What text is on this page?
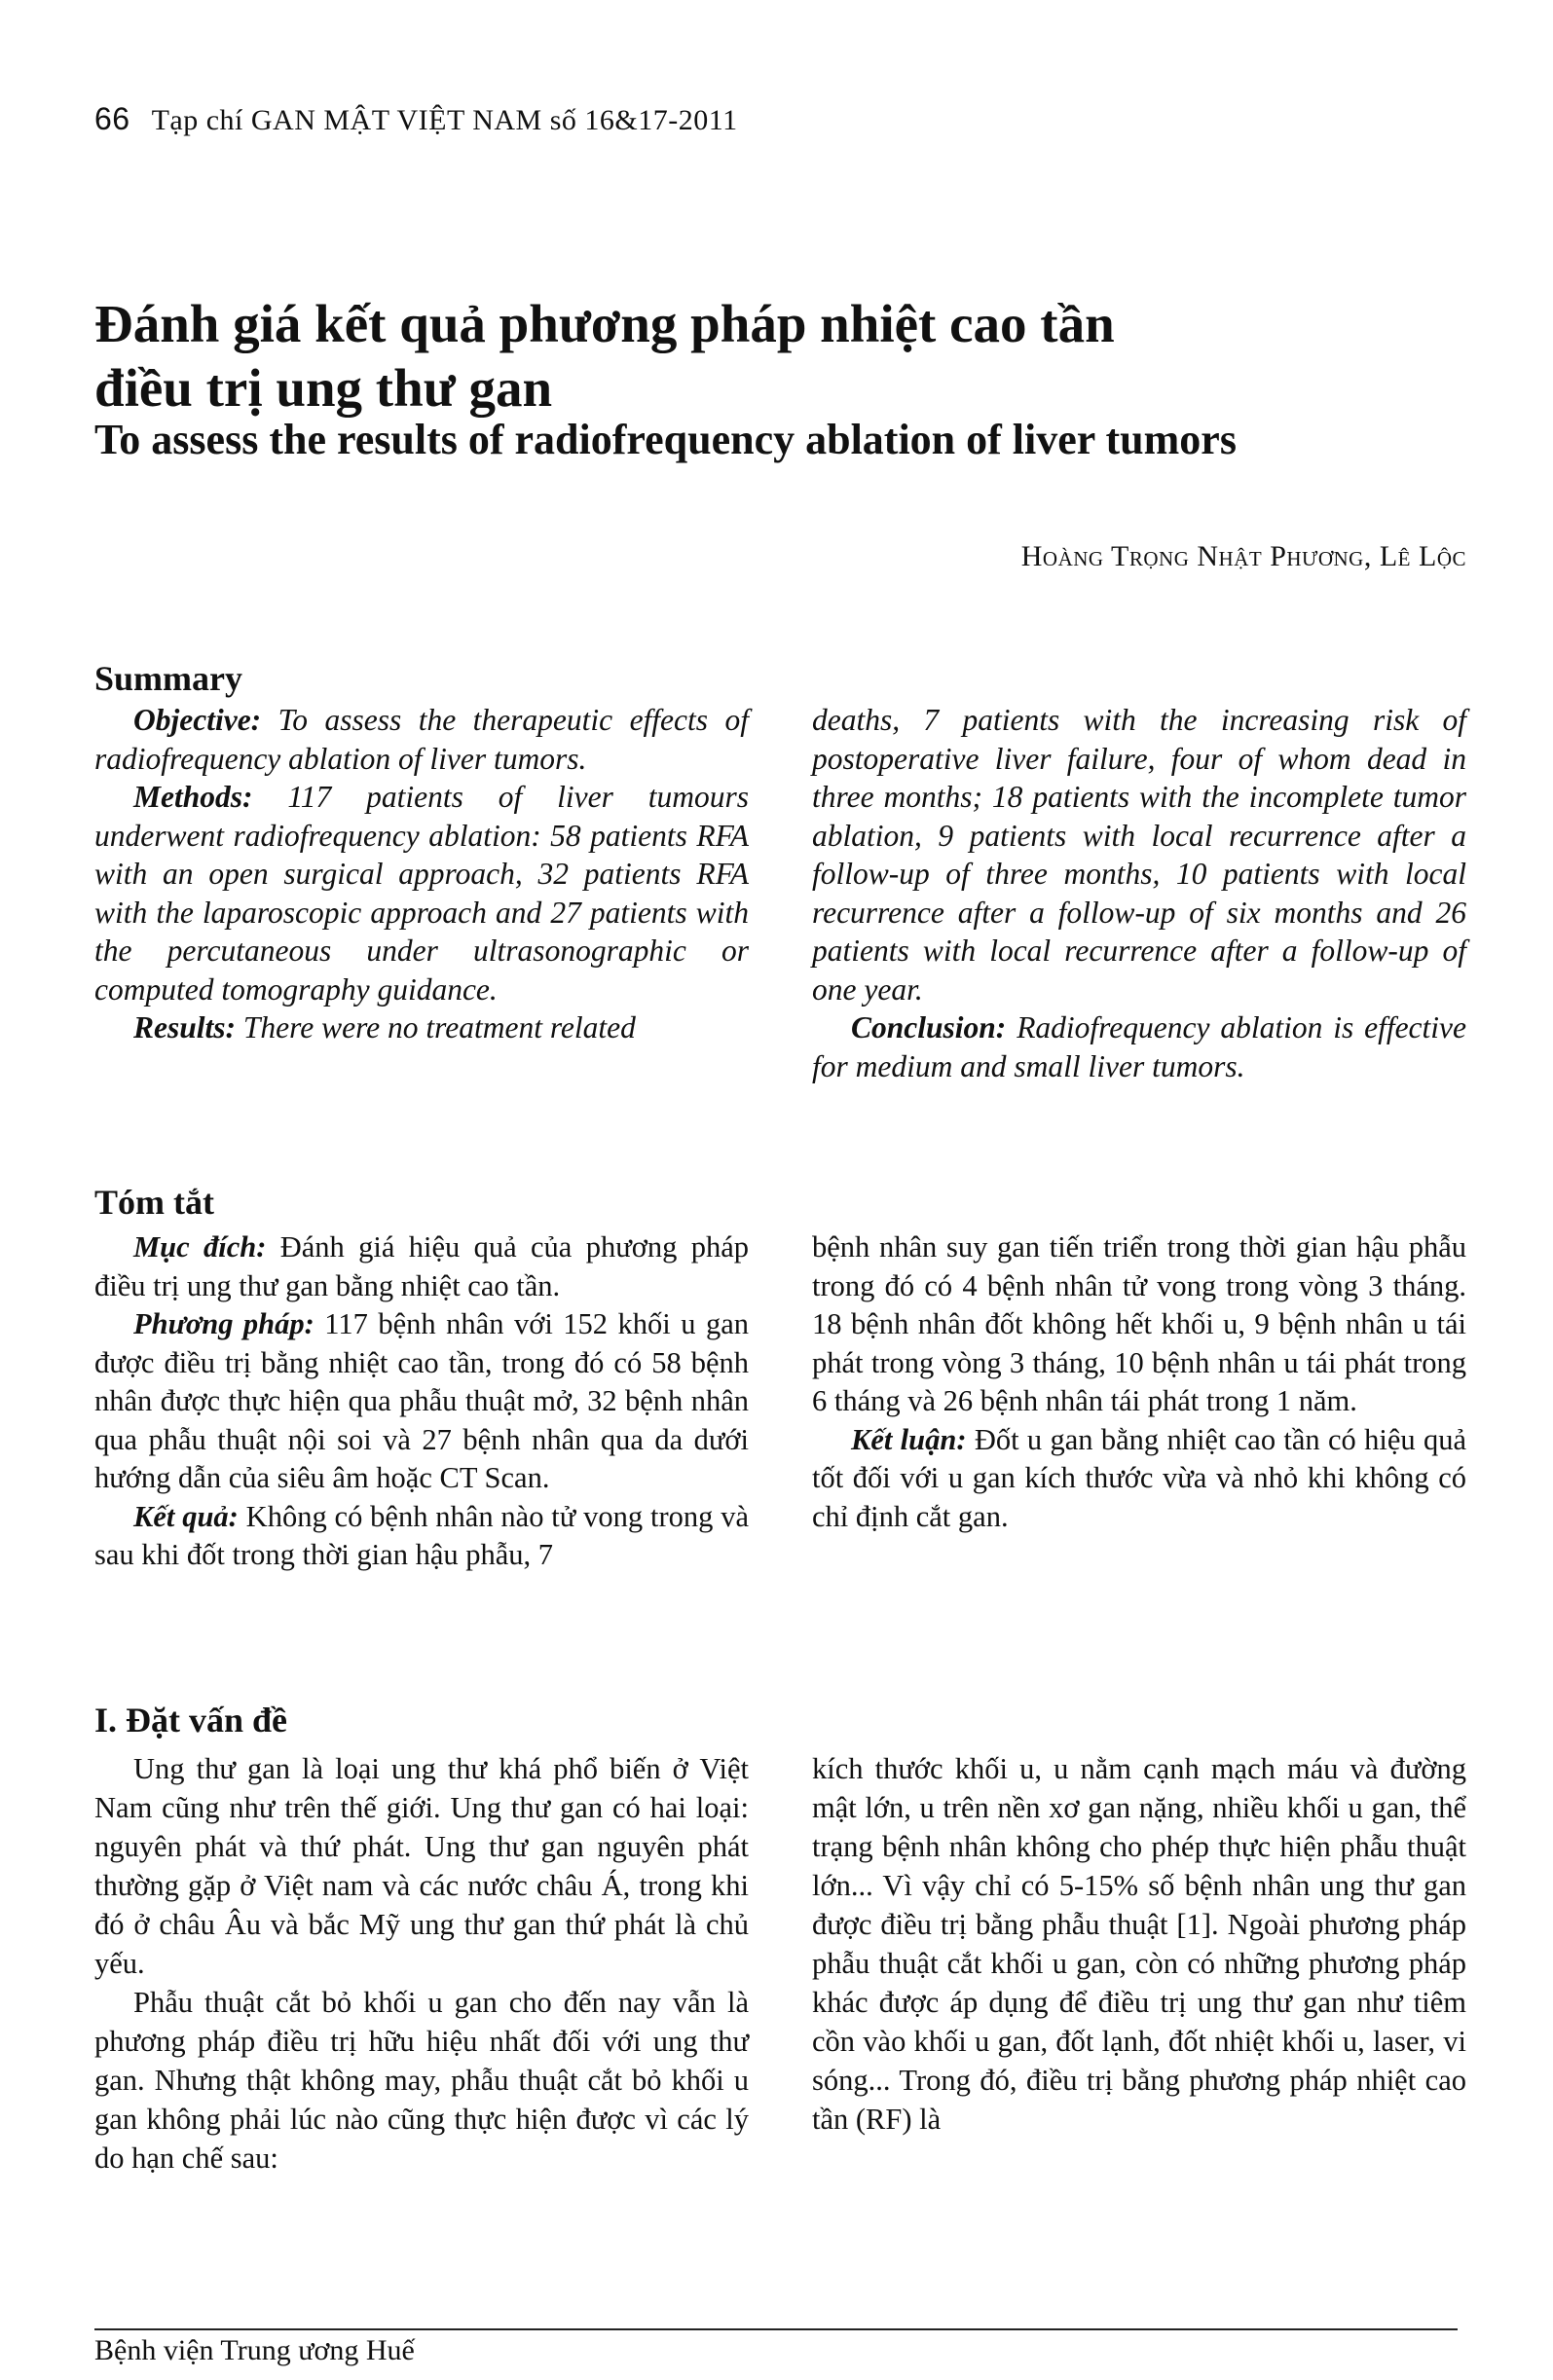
66 Tạp chí GAN MẬT VIỆT NAM số 16&17-2011
Đánh giá kết quả phương pháp nhiệt cao tần
điều trị ung thư gan
To assess the results of radiofrequency ablation of liver tumors
Hoàng Trọng Nhật Phương, Lê Lộc
Summary

Objective: To assess the therapeutic effects of radiofrequency ablation of liver tumors.

Methods: 117 patients of liver tumours underwent radiofrequency ablation: 58 patients RFA with an open surgical approach, 32 patients RFA with the laparoscopic approach and 27 patients with the percutaneous under ultrasonographic or computed tomography guidance.

Results: There were no treatment related

deaths, 7 patients with the increasing risk of postoperative liver failure, four of whom dead in three months; 18 patients with the incomplete tumor ablation, 9 patients with local recurrence after a follow-up of three months, 10 patients with local recurrence after a follow-up of six months and 26 patients with local recurrence after a follow-up of one year.

Conclusion: Radiofrequency ablation is effective for medium and small liver tumors.

Tóm tắt

Mục đích: Đánh giá hiệu quả của phương pháp điều trị ung thư gan bằng nhiệt cao tần.

Phương pháp: 117 bệnh nhân với 152 khối u gan được điều trị bằng nhiệt cao tần, trong đó có 58 bệnh nhân được thực hiện qua phẫu thuật mở, 32 bệnh nhân qua phẫu thuật nội soi và 27 bệnh nhân qua da dưới hướng dẫn của siêu âm hoặc CT Scan.

Kết quả: Không có bệnh nhân nào tử vong trong và sau khi đốt trong thời gian hậu phẫu, 7

bệnh nhân suy gan tiến triển trong thời gian hậu phẫu trong đó có 4 bệnh nhân tử vong trong vòng 3 tháng. 18 bệnh nhân đốt không hết khối u, 9 bệnh nhân u tái phát trong vòng 3 tháng, 10 bệnh nhân u tái phát trong 6 tháng và 26 bệnh nhân tái phát trong 1 năm.

Kết luận: Đốt u gan bằng nhiệt cao tần có hiệu quả tốt đối với u gan kích thước vừa và nhỏ khi không có chỉ định cắt gan.

I. Đặt vấn đề

Ung thư gan là loại ung thư khá phổ biến ở Việt Nam cũng như trên thế giới. Ung thư gan có hai loại: nguyên phát và thứ phát. Ung thư gan nguyên phát thường gặp ở Việt nam và các nước châu Á, trong khi đó ở châu Âu và bắc Mỹ ung thư gan thứ phát là chủ yếu.

Phẫu thuật cắt bỏ khối u gan cho đến nay vẫn là phương pháp điều trị hữu hiệu nhất đối với ung thư gan. Nhưng thật không may, phẫu thuật cắt bỏ khối u gan không phải lúc nào cũng thực hiện được vì các lý do hạn chế sau:

kích thước khối u, u nằm cạnh mạch máu và đường mật lớn, u trên nền xơ gan nặng, nhiều khối u gan, thể trạng bệnh nhân không cho phép thực hiện phẫu thuật lớn... Vì vậy chỉ có 5-15% số bệnh nhân ung thư gan được điều trị bằng phẫu thuật [1]. Ngoài phương pháp phẫu thuật cắt khối u gan, còn có những phương pháp khác được áp dụng để điều trị ung thư gan như tiêm cồn vào khối u gan, đốt lạnh, đốt nhiệt khối u, laser, vi sóng... Trong đó, điều trị bằng phương pháp nhiệt cao tần (RF) là

Bệnh viện Trung ương Huế
